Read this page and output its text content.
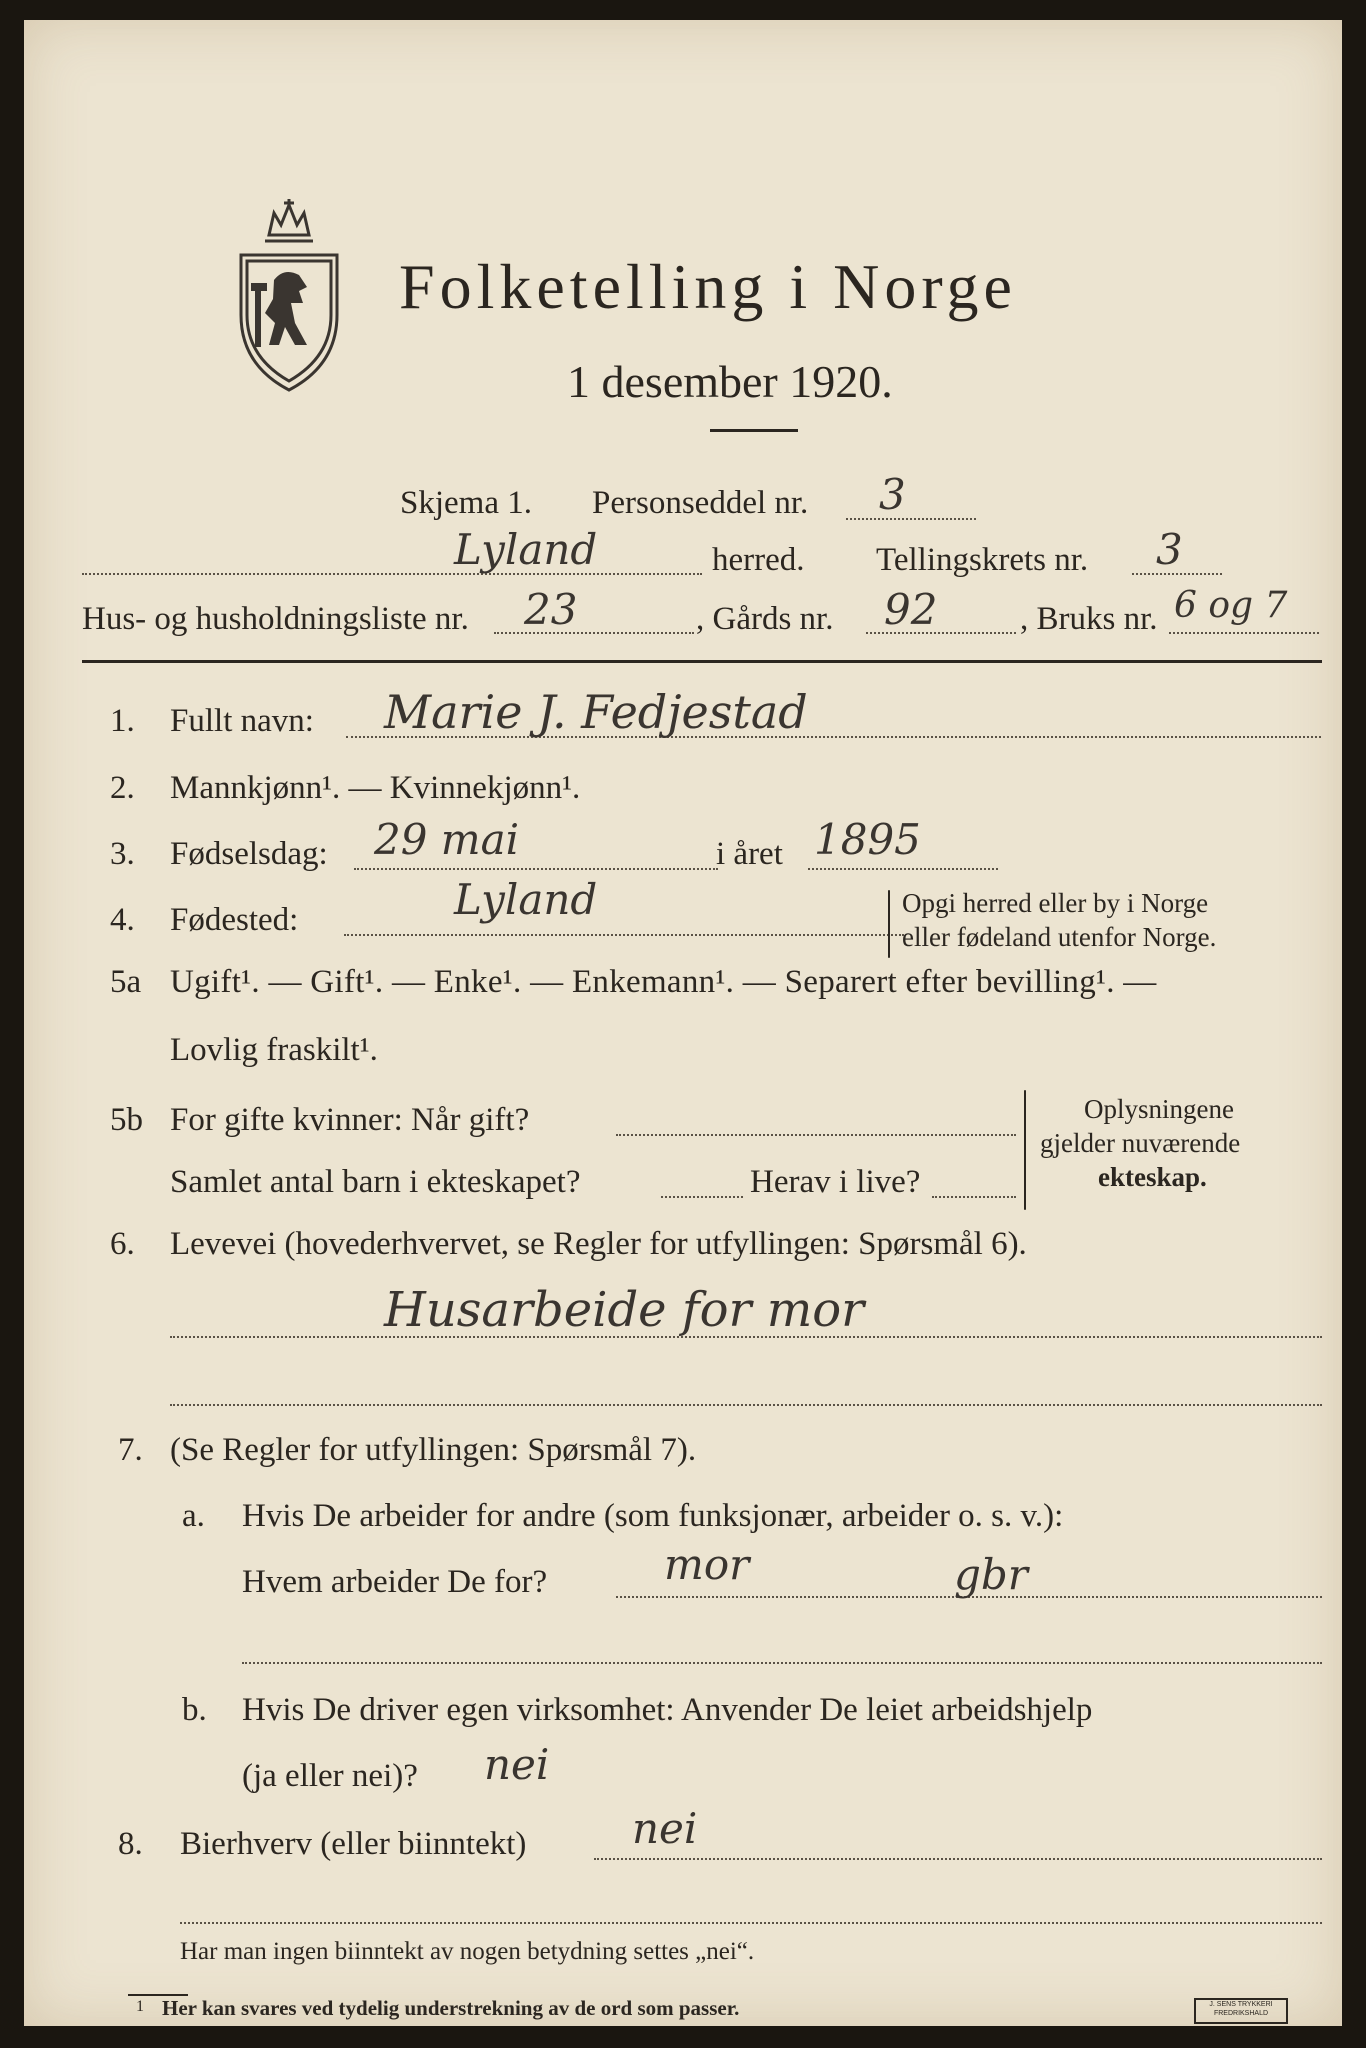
Folketelling i Norge
1 desember 1920.
Skjema 1. Personseddel nr. 3
Lyland	herred. Tellingskrets nr. 3
Hus- og husholdningsliste nr. 23	, Gårds nr. 92	, Bruks nr. 6 og 7
1. Fullt navn: Marie J. Fedjestad
2. Mannkjønn¹. — Kvinnekjønn¹.
3. Fødselsdag: 29 mai	i året 1895
4. Fødested:	Lyland	Opgi herred eller by i Norge
eller fødeland utenfor Norge.
5a Ugift¹. — Gift¹. — Enke¹. — Enkemann¹. — Separert efter bevilling¹. —
Lovlig fraskilt¹.
5b For gifte kvinner: Når gift?
Samlet antal barn i ekteskapet?	Herav i live?
Oplysningene
gjelder nuværende
ekteskap.
6. Levevei (hovederhvervet, se Regler for utfyllingen: Spørsmål 6).
Husarbeide for mor
7. (Se Regler for utfyllingen: Spørsmål 7).
a. Hvis De arbeider for andre (som funksjonær, arbeider o. s. v.):
Hvem arbeider De for?	mor	gbr
b. Hvis De driver egen virksomhet: Anvender De leiet arbeidshjelp
(ja eller nei)? nei
8. Bierhverv (eller biinntekt)	nei
Har man ingen biinntekt av nogen betydning settes „nei“.
1 Her kan svares ved tydelig understrekning av de ord som passer.	J. SENS TRYKKERI FREDRIKSHALD
